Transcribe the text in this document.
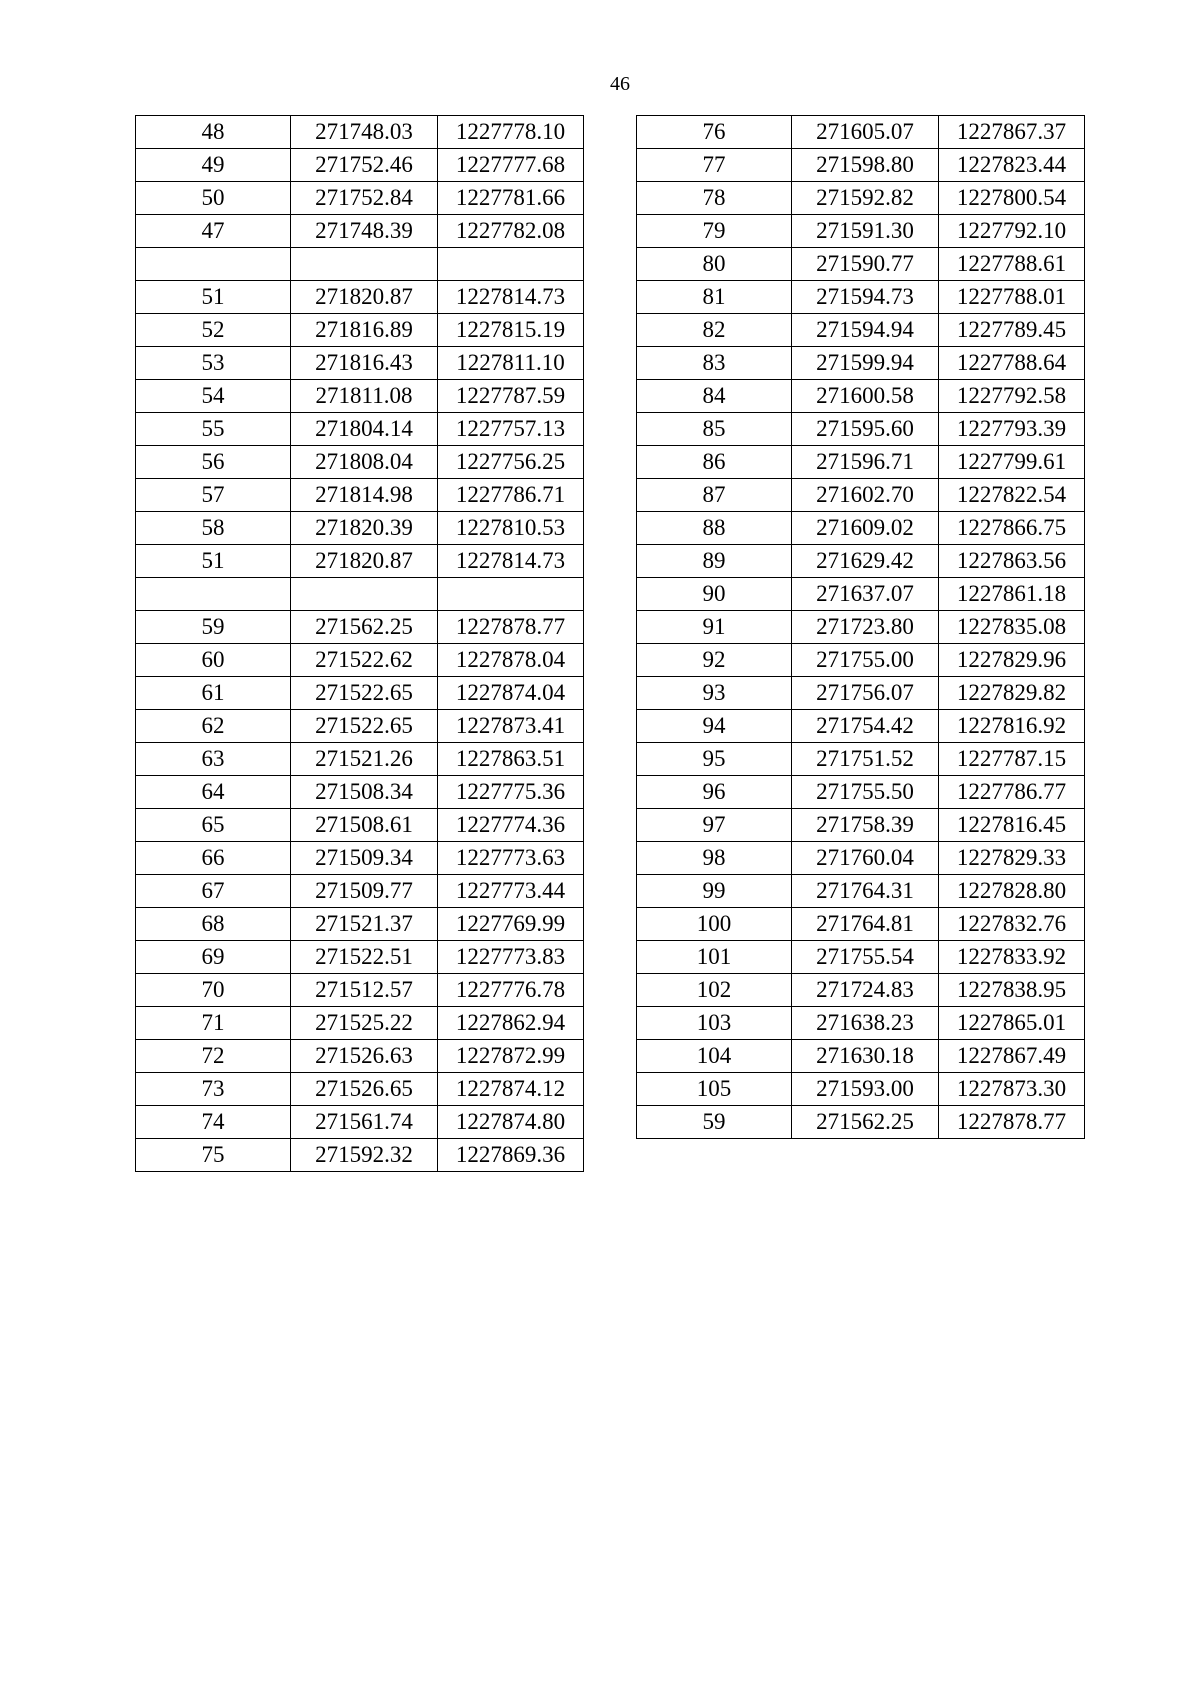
46
48	271748.03	1227778.10
49	271752.46	1227777.68
50	271752.84	1227781.66
47	271748.39	1227782.08

51	271820.87	1227814.73
52	271816.89	1227815.19
53	271816.43	1227811.10
54	271811.08	1227787.59
55	271804.14	1227757.13
56	271808.04	1227756.25
57	271814.98	1227786.71
58	271820.39	1227810.53
51	271820.87	1227814.73

59	271562.25	1227878.77
60	271522.62	1227878.04
61	271522.65	1227874.04
62	271522.65	1227873.41
63	271521.26	1227863.51
64	271508.34	1227775.36
65	271508.61	1227774.36
66	271509.34	1227773.63
67	271509.77	1227773.44
68	271521.37	1227769.99
69	271522.51	1227773.83
70	271512.57	1227776.78
71	271525.22	1227862.94
72	271526.63	1227872.99
73	271526.65	1227874.12
74	271561.74	1227874.80
75	271592.32	1227869.36
76	271605.07	1227867.37
77	271598.80	1227823.44
78	271592.82	1227800.54
79	271591.30	1227792.10
80	271590.77	1227788.61
81	271594.73	1227788.01
82	271594.94	1227789.45
83	271599.94	1227788.64
84	271600.58	1227792.58
85	271595.60	1227793.39
86	271596.71	1227799.61
87	271602.70	1227822.54
88	271609.02	1227866.75
89	271629.42	1227863.56
90	271637.07	1227861.18
91	271723.80	1227835.08
92	271755.00	1227829.96
93	271756.07	1227829.82
94	271754.42	1227816.92
95	271751.52	1227787.15
96	271755.50	1227786.77
97	271758.39	1227816.45
98	271760.04	1227829.33
99	271764.31	1227828.80
100	271764.81	1227832.76
101	271755.54	1227833.92
102	271724.83	1227838.95
103	271638.23	1227865.01
104	271630.18	1227867.49
105	271593.00	1227873.30
59	271562.25	1227878.77
